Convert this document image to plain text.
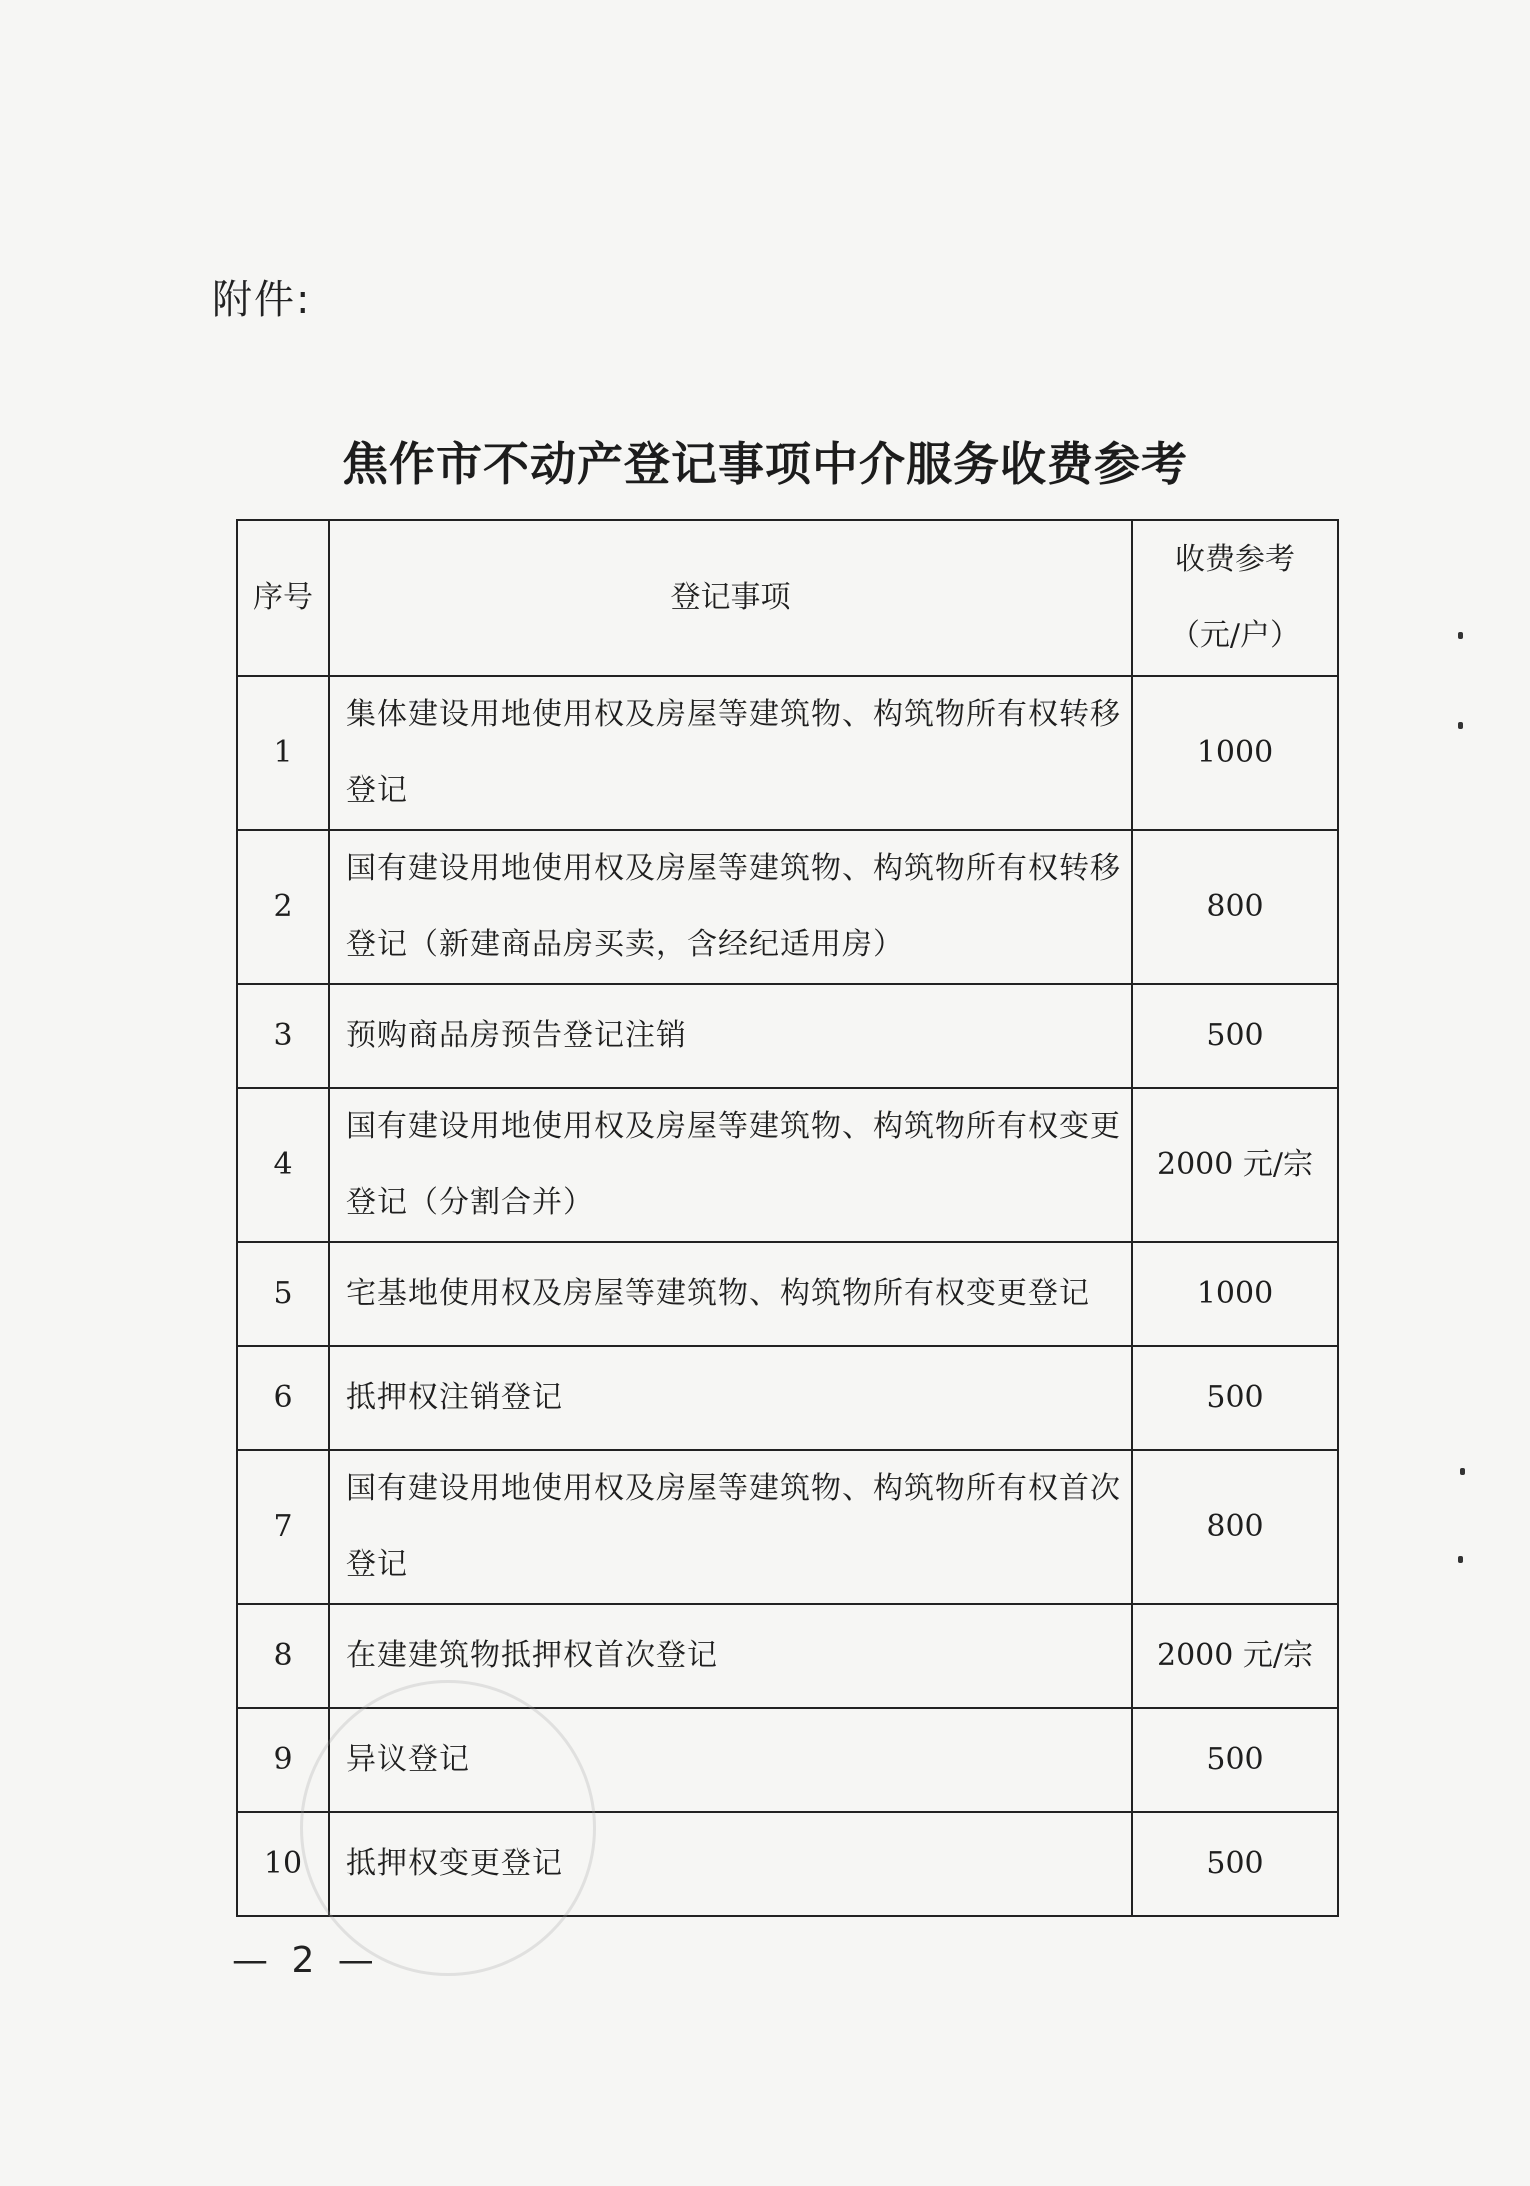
附件:
焦作市不动产登记事项中介服务收费参考
序号	登记事项	收费参考
（元/户）

1	集体建设用地使用权及房屋等建筑物、构筑物所有权转移登记	1000
2	国有建设用地使用权及房屋等建筑物、构筑物所有权转移登记（新建商品房买卖，含经纪适用房）	800
3	预购商品房预告登记注销	500
4	国有建设用地使用权及房屋等建筑物、构筑物所有权变更登记（分割合并）	2000 元/宗
5	宅基地使用权及房屋等建筑物、构筑物所有权变更登记	1000
6	抵押权注销登记	500
7	国有建设用地使用权及房屋等建筑物、构筑物所有权首次登记	800
8	在建建筑物抵押权首次登记	2000 元/宗
9	异议登记	500
10	抵押权变更登记	500
— 2 —
